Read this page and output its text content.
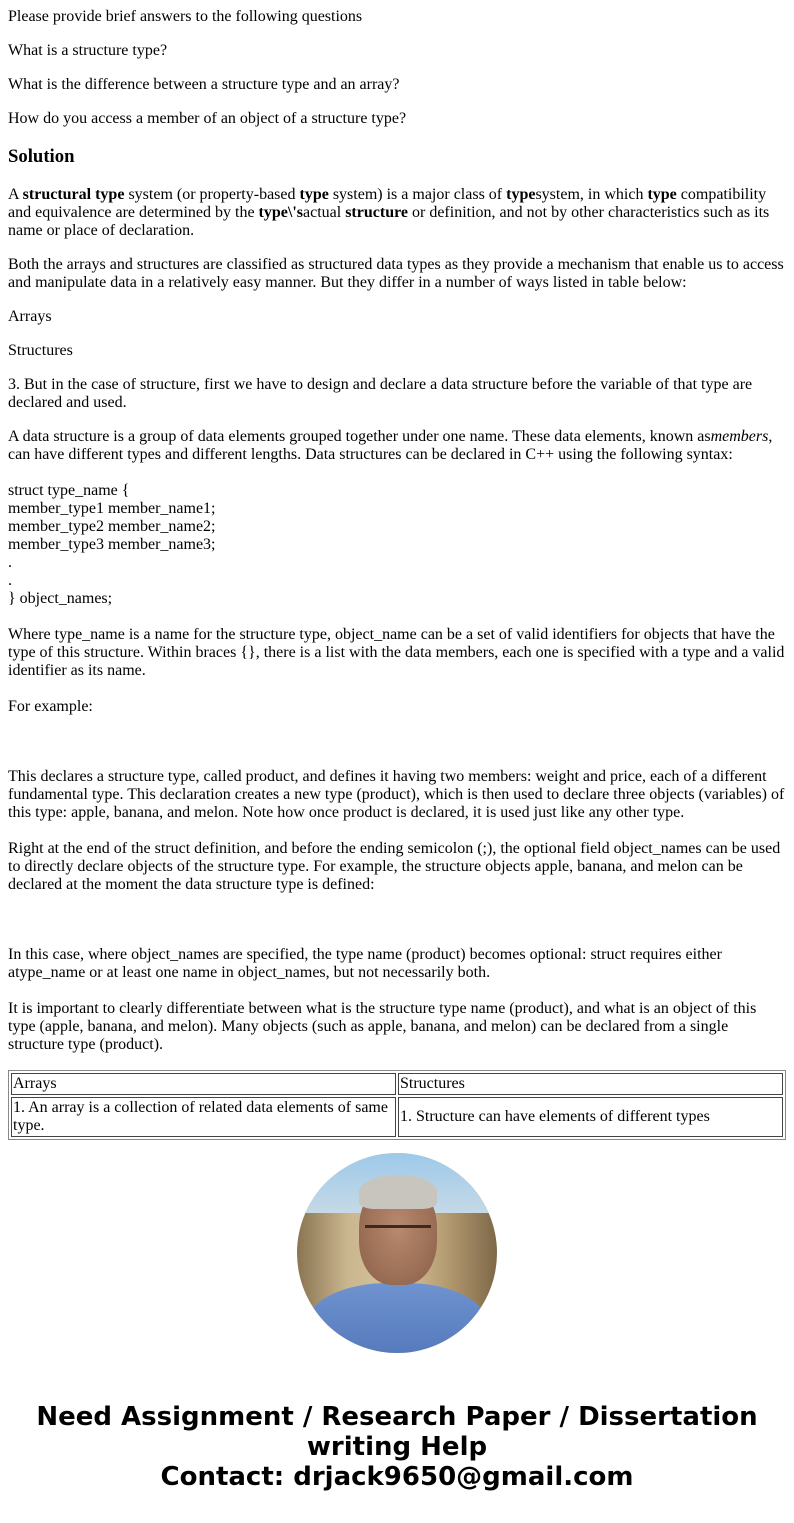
Please provide brief answers to the following questions

What is a structure type?

What is the difference between a structure type and an array?

How do you access a member of an object of a structure type?

Solution

A structural type system (or property-based type system) is a major class of typesystem, in which type compatibility and equivalence are determined by the type\'sactual structure or definition, and not by other characteristics such as its name or place of declaration.

Both the arrays and structures are classified as structured data types as they provide a mechanism that enable us to access and manipulate data in a relatively easy manner. But they differ in a number of ways listed in table below:

Arrays

Structures

3. But in the case of structure, first we have to design and declare a data structure before the variable of that type are declared and used.

A data structure is a group of data elements grouped together under one name. These data elements, known asmembers, can have different types and different lengths. Data structures can be declared in C++ using the following syntax:

struct type_name {
member_type1 member_name1;
member_type2 member_name2;
member_type3 member_name3;
.
.
} object_names;

Where type_name is a name for the structure type, object_name can be a set of valid identifiers for objects that have the type of this structure. Within braces {}, there is a list with the data members, each one is specified with a type and a valid identifier as its name.

For example:

This declares a structure type, called product, and defines it having two members: weight and price, each of a different fundamental type. This declaration creates a new type (product), which is then used to declare three objects (variables) of this type: apple, banana, and melon. Note how once product is declared, it is used just like any other type.

Right at the end of the struct definition, and before the ending semicolon (;), the optional field object_names can be used to directly declare objects of the structure type. For example, the structure objects apple, banana, and melon can be declared at the moment the data structure type is defined:

In this case, where object_names are specified, the type name (product) becomes optional: struct requires either atype_name or at least one name in object_names, but not necessarily both.

It is important to clearly differentiate between what is the structure type name (product), and what is an object of this type (apple, banana, and melon). Many objects (such as apple, banana, and melon) can be declared from a single structure type (product).

Arrays	Structures
1. An array is a collection of related data elements of same type.	1. Structure can have elements of different types
Need Assignment / Research Paper / Dissertation
writing Help
Contact: drjack9650@gmail.com
